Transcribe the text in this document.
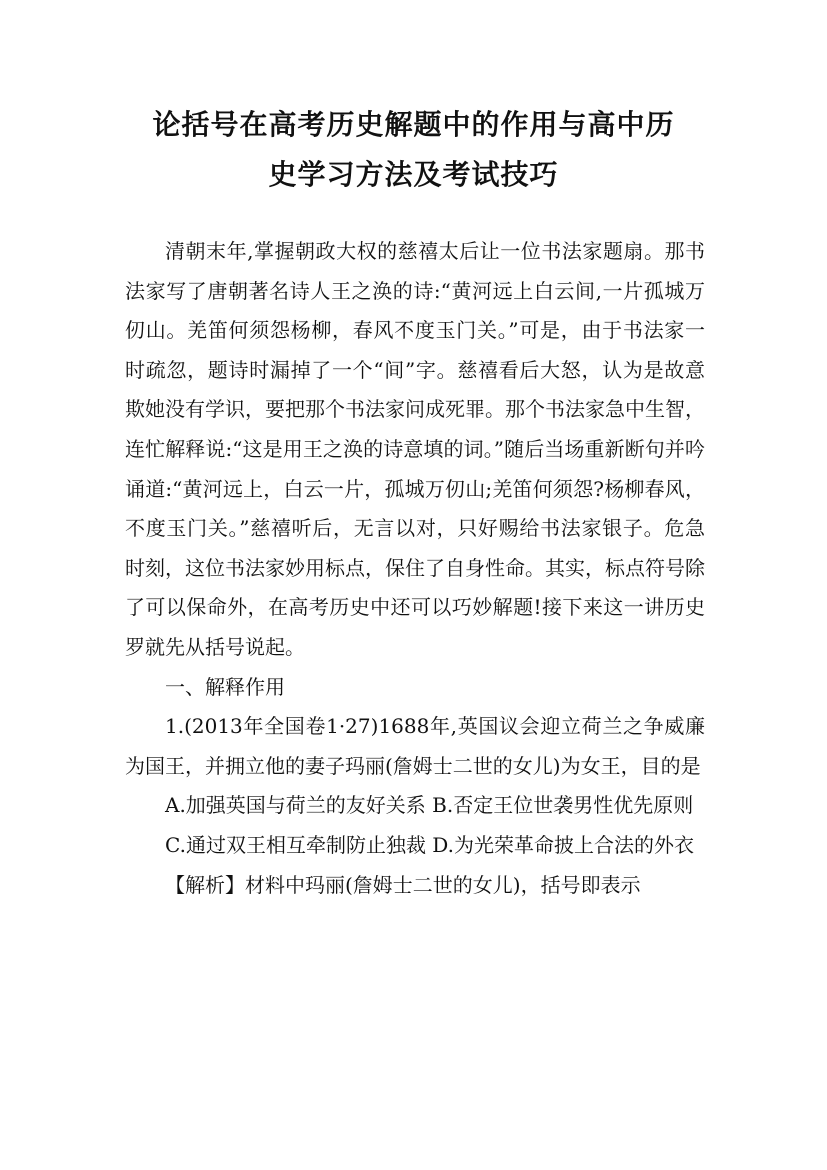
论括号在高考历史解题中的作用与高中历
史学习方法及考试技巧

清朝末年,掌握朝政大权的慈禧太后让一位书法家题扇。那书法家写了唐朝著名诗人王之涣的诗:“黄河远上白云间,一片孤城万仞山。羌笛何须怨杨柳，春风不度玉门关。”可是，由于书法家一时疏忽，题诗时漏掉了一个“间”字。慈禧看后大怒，认为是故意欺她没有学识，要把那个书法家问成死罪。那个书法家急中生智，连忙解释说:“这是用王之涣的诗意填的词。”随后当场重新断句并吟诵道:“黄河远上，白云一片，孤城万仞山;羌笛何须怨?杨柳春风，不度玉门关。”慈禧听后，无言以对，只好赐给书法家银子。危急时刻，这位书法家妙用标点，保住了自身性命。其实，标点符号除了可以保命外，在高考历史中还可以巧妙解题!接下来这一讲历史罗就先从括号说起。

一、解释作用

1.(2013年全国卷1·27)1688年,英国议会迎立荷兰之争威廉为国王，并拥立他的妻子玛丽(詹姆士二世的女儿)为女王，目的是

A.加强英国与荷兰的友好关系 B.否定王位世袭男性优先原则

C.通过双王相互牵制防止独裁 D.为光荣革命披上合法的外衣

【解析】材料中玛丽(詹姆士二世的女儿)，括号即表示
